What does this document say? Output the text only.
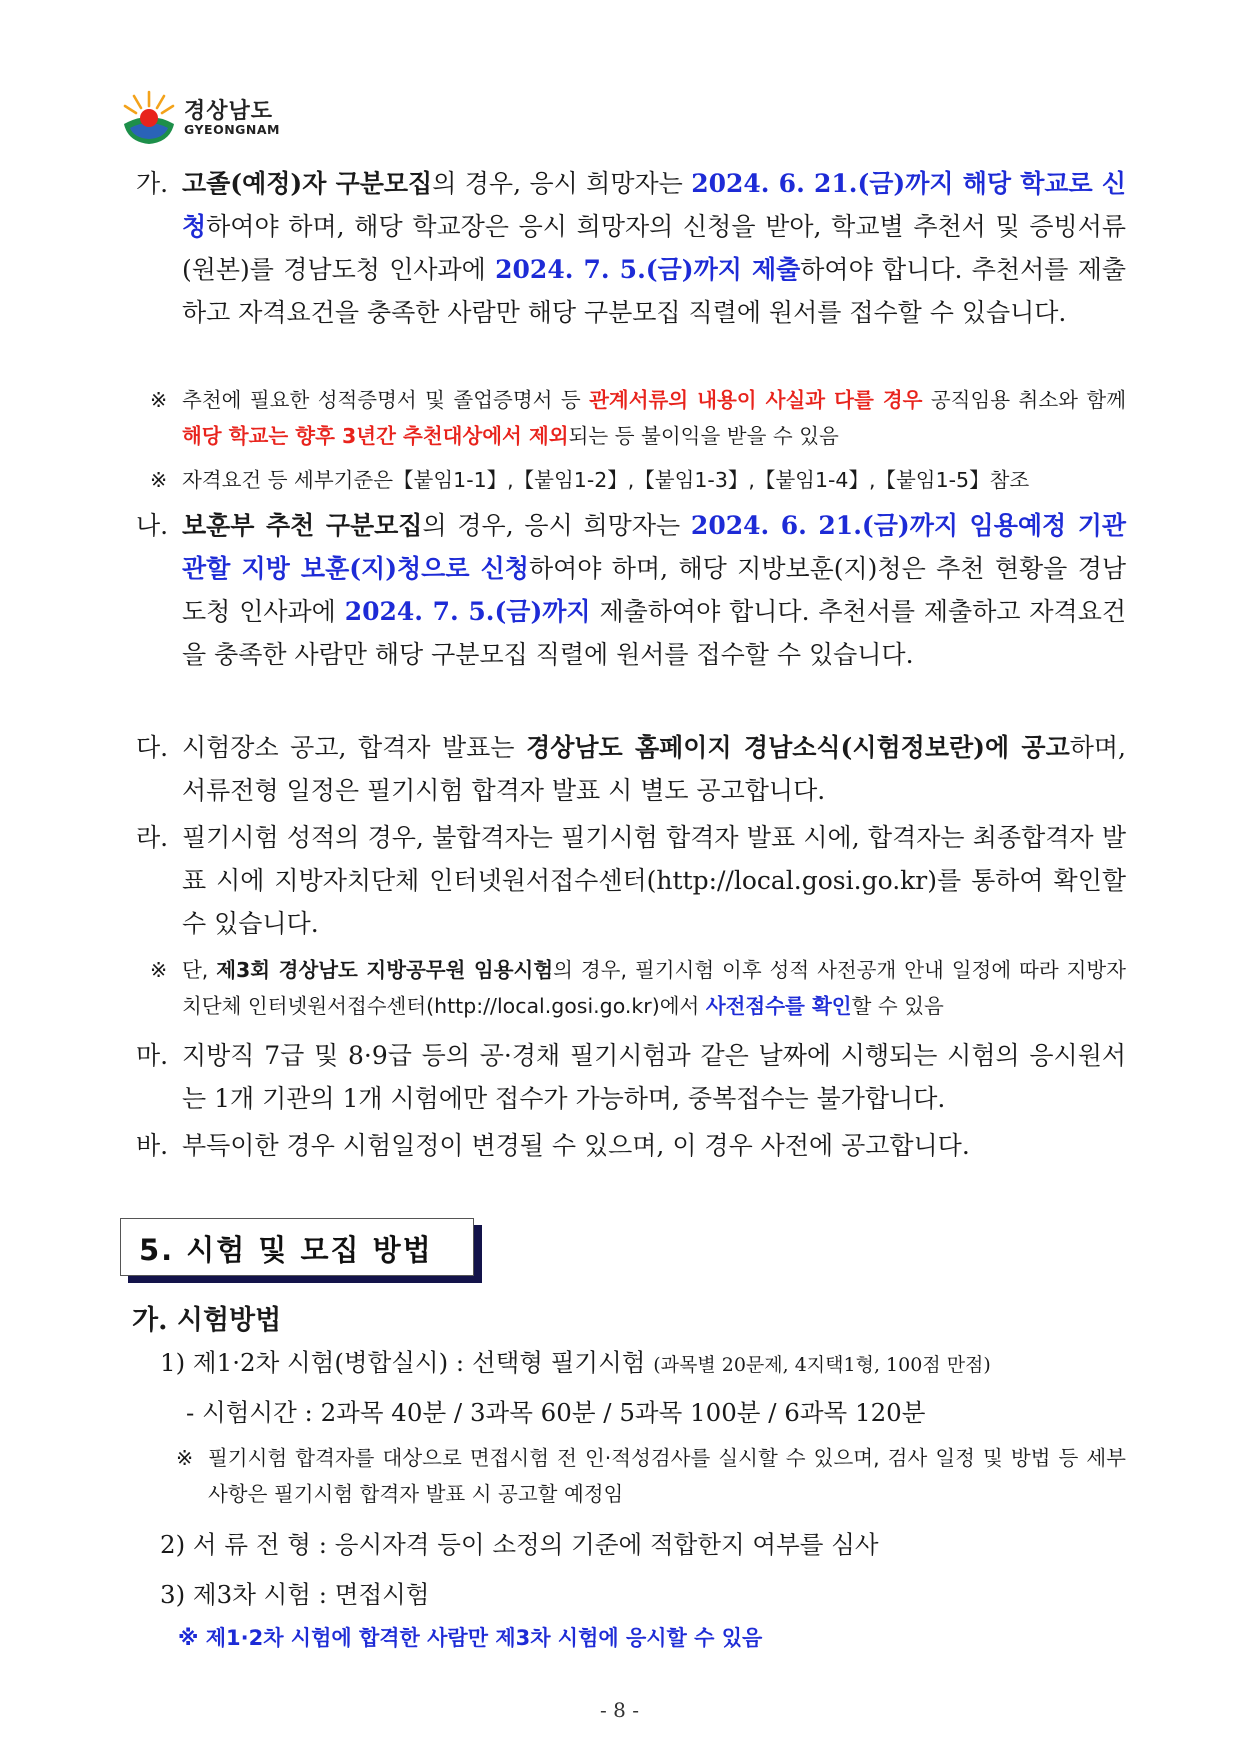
경상남도
GYEONGNAM
가. 고졸(예정)자 구분모집의 경우, 응시 희망자는 2024. 6. 21.(금)까지 해당 학교로 신청하여야 하며, 해당 학교장은 응시 희망자의 신청을 받아, 학교별 추천서 및 증빙서류(원본)를 경남도청 인사과에 2024. 7. 5.(금)까지 제출하여야 합니다. 추천서를 제출하고 자격요건을 충족한 사람만 해당 구분모집 직렬에 원서를 접수할 수 있습니다.
※ 추천에 필요한 성적증명서 및 졸업증명서 등 관계서류의 내용이 사실과 다를 경우 공직임용 취소와 함께 해당 학교는 향후 3년간 추천대상에서 제외되는 등 불이익을 받을 수 있음
※ 자격요건 등 세부기준은【붙임1-1】,【붙임1-2】,【붙임1-3】,【붙임1-4】,【붙임1-5】참조
나. 보훈부 추천 구분모집의 경우, 응시 희망자는 2024. 6. 21.(금)까지 임용예정 기관 관할 지방 보훈(지)청으로 신청하여야 하며, 해당 지방보훈(지)청은 추천 현황을 경남도청 인사과에 2024. 7. 5.(금)까지 제출하여야 합니다. 추천서를 제출하고 자격요건을 충족한 사람만 해당 구분모집 직렬에 원서를 접수할 수 있습니다.
다. 시험장소 공고, 합격자 발표는 경상남도 홈페이지 경남소식(시험정보란)에 공고하며, 서류전형 일정은 필기시험 합격자 발표 시 별도 공고합니다.
라. 필기시험 성적의 경우, 불합격자는 필기시험 합격자 발표 시에, 합격자는 최종합격자 발표 시에 지방자치단체 인터넷원서접수센터(http://local.gosi.go.kr)를 통하여 확인할 수 있습니다.
※ 단, 제3회 경상남도 지방공무원 임용시험의 경우, 필기시험 이후 성적 사전공개 안내 일정에 따라 지방자치단체 인터넷원서접수센터(http://local.gosi.go.kr)에서 사전점수를 확인할 수 있음
마. 지방직 7급 및 8·9급 등의 공·경채 필기시험과 같은 날짜에 시행되는 시험의 응시원서는 1개 기관의 1개 시험에만 접수가 가능하며, 중복접수는 불가합니다.
바. 부득이한 경우 시험일정이 변경될 수 있으며, 이 경우 사전에 공고합니다.
5. 시험 및 모집 방법
가. 시험방법
1) 제1·2차 시험(병합실시) : 선택형 필기시험 (과목별 20문제, 4지택1형, 100점 만점)
- 시험시간 : 2과목 40분 / 3과목 60분 / 5과목 100분 / 6과목 120분
※ 필기시험 합격자를 대상으로 면접시험 전 인·적성검사를 실시할 수 있으며, 검사 일정 및 방법 등 세부 사항은 필기시험 합격자 발표 시 공고할 예정임
2) 서 류 전 형 : 응시자격 등이 소정의 기준에 적합한지 여부를 심사
3) 제3차 시험 : 면접시험
※ 제1·2차 시험에 합격한 사람만 제3차 시험에 응시할 수 있음
- 8 -
